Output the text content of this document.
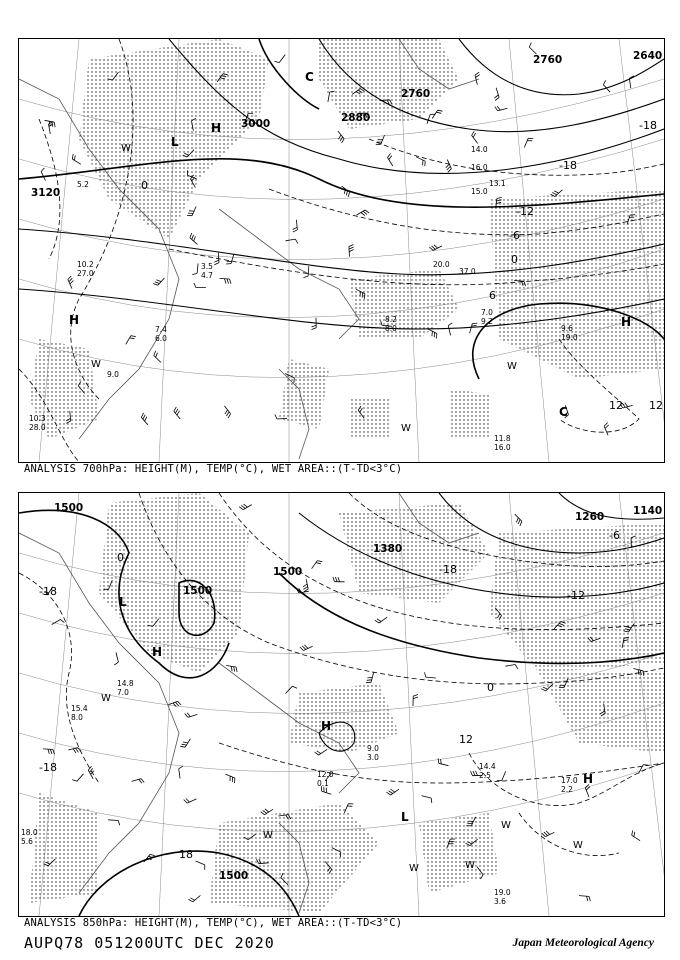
3120
3000	2880
2760
2760	2640
0
-6
-12
-18
-18
0
6
12 12
H
H
L
C
H
C
W
W	W
W
11.8
16.0
9.6
19.0
8.2
8.0
7.0
9.2
15.0
16.0
14.0
13.1
20.0
37.0
10.2
27.0
3.5
4.7
5.2
9.0
10.3
28.0
7.4
6.0
ANALYSIS 700hPa: HEIGHT(M), TEMP(°C), WET AREA::(T-TD<3°C)
1500
1500
1500
1500
1380
1260	1140
-18
0
-6
-12
-18
0
12
-18
18
L
H
H
L
H
W
W
W
W
W	W
14.4
2.5
17.0
2.2
19.0
3.6
12.0
0.1
9.0
3.0
14.8
7.0
15.4
8.0
18.0
5.6
ANALYSIS 850hPa: HEIGHT(M), TEMP(°C), WET AREA::(T-TD<3°C)
AUPQ78 051200UTC DEC 2020	Japan Meteorological Agency
